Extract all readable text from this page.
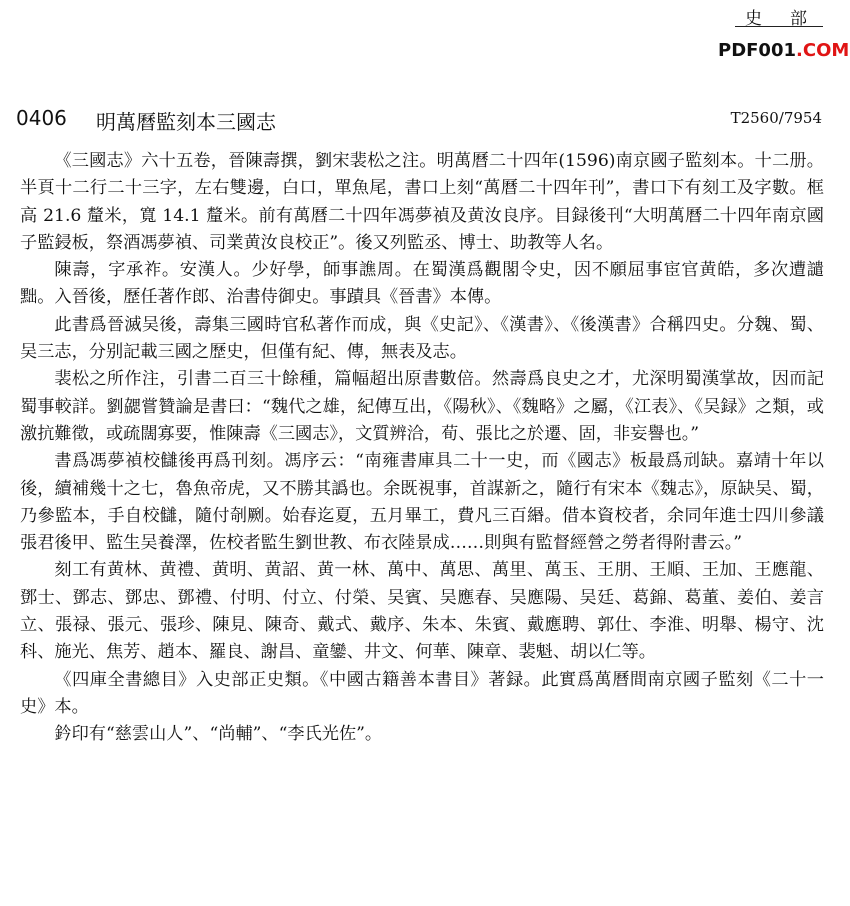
史部
PDF001.COM
0406 明萬曆監刻本三國志	T2560/7954

《三國志》六十五卷，晉陳壽撰，劉宋裴松之注。明萬曆二十四年(1596)南京國子監刻本。十二册。半頁十二行二十三字，左右雙邊，白口，單魚尾，書口上刻“萬曆二十四年刊”，書口下有刻工及字數。框高 21.6 釐米，寬 14.1 釐米。前有萬曆二十四年馮夢禎及黄汝良序。目録後刊“大明萬曆二十四年南京國子監鋟板，祭酒馮夢禎、司業黄汝良校正”。後又列監丞、博士、助教等人名。

陳壽，字承祚。安漢人。少好學，師事譙周。在蜀漢爲觀閣令史，因不願屈事宦官黄皓，多次遭譴黜。入晉後，歷任著作郎、治書侍御史。事蹟具《晉書》本傳。

此書爲晉滅吴後，壽集三國時官私著作而成，與《史記》、《漢書》、《後漢書》合稱四史。分魏、蜀、吴三志，分别記載三國之歷史，但僅有紀、傳，無表及志。

裴松之所作注，引書二百三十餘種，篇幅超出原書數倍。然壽爲良史之才，尤深明蜀漢掌故，因而記蜀事較詳。劉勰嘗贊論是書曰：“魏代之雄，紀傳互出，《陽秋》、《魏略》之屬，《江表》、《吴録》之類，或激抗難徵，或疏闊寡要，惟陳壽《三國志》，文質辨洽，荀、張比之於遷、固，非妄譽也。”

書爲馮夢禎校讎後再爲刊刻。馮序云：“南雍書庫具二十一史，而《國志》板最爲刓缺。嘉靖十年以後，續補幾十之七，魯魚帝虎，又不勝其譌也。余既視事，首謀新之，隨行有宋本《魏志》，原缺吴、蜀，乃參監本，手自校讎，隨付剞劂。始春迄夏，五月畢工，費凡三百緡。借本資校者，余同年進士四川參議張君後甲、監生吴養澤，佐校者監生劉世教、布衣陸景成……則與有監督經營之勞者得附書云。”

刻工有黄林、黄禮、黄明、黄詔、黄一林、萬中、萬思、萬里、萬玉、王朋、王順、王加、王應龍、鄧士、鄧志、鄧忠、鄧禮、付明、付立、付榮、吴賓、吴應春、吴應陽、吴廷、葛錦、葛董、姜伯、姜言立、張禄、張元、張珍、陳見、陳奇、戴式、戴序、朱本、朱賓、戴應聘、郭仕、李淮、明舉、楊守、沈科、施光、焦芳、趙本、羅良、謝昌、童鑾、井文、何華、陳章、裴魁、胡以仁等。

《四庫全書總目》入史部正史類。《中國古籍善本書目》著録。此實爲萬曆間南京國子監刻《二十一史》本。

鈐印有“慈雲山人”、“尚輔”、“李氏光佐”。
